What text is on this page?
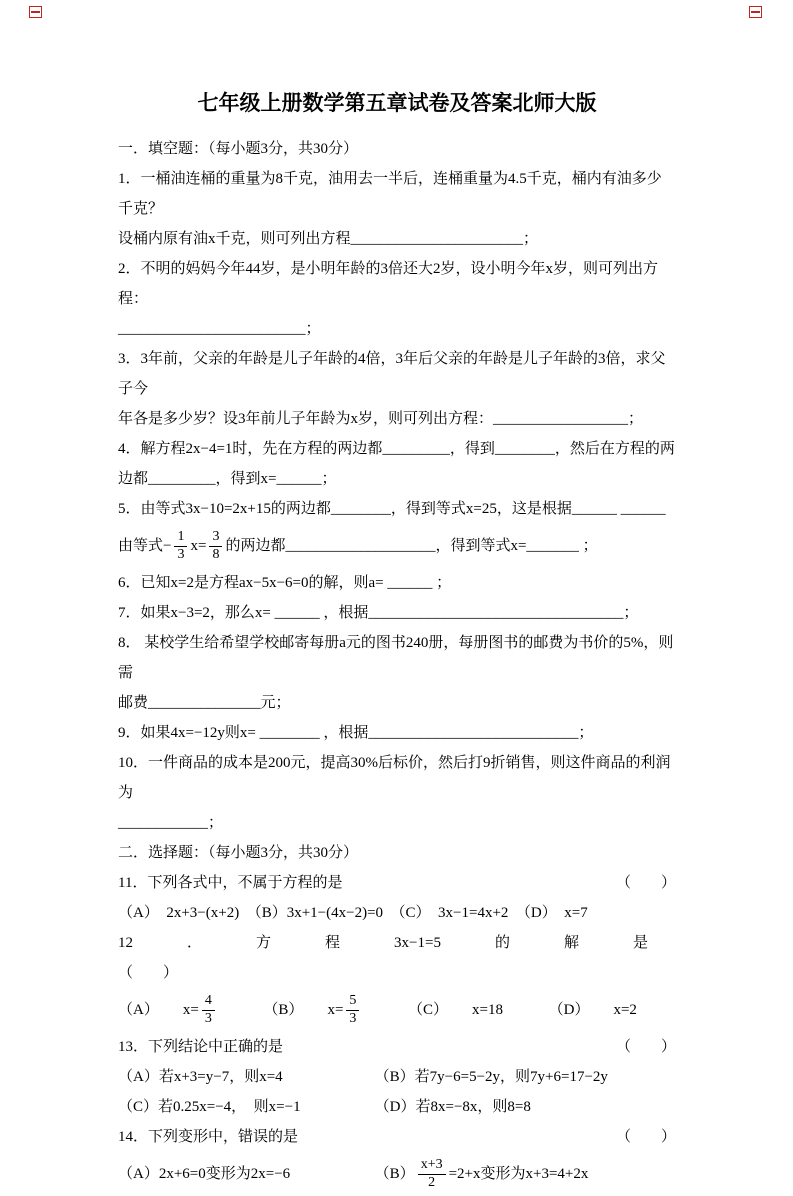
七年级上册数学第五章试卷及答案北师大版

一．填空题：（每小题3分，共30分）

1．一桶油连桶的重量为8千克，油用去一半后，连桶重量为4.5千克，桶内有油多少千克？

设桶内原有油x千克，则可列出方程_______________________；

2．不明的妈妈今年44岁，是小明年龄的3倍还大2岁，设小明今年x岁，则可列出方程：

_________________________；

3．3年前，父亲的年龄是儿子年龄的4倍，3年后父亲的年龄是儿子年龄的3倍，求父子今

年各是多少岁？设3年前儿子年龄为x岁，则可列出方程：__________________；

4．解方程2x−4=1时，先在方程的两边都_________，得到________，然后在方程的两边都_________，得到x=______；

5．由等式3x−10=2x+15的两边都________，得到等式x=25，这是根据______ ______

由等式− $\frac{1}{3} x= \frac{3}{8}$ 的两边都____________________，得到等式x=_______ ；

6．已知x=2是方程ax−5x−6=0的解，则a= ______ ；

7．如果x−3=2，那么x= ______ ，根据__________________________________；

8． 某校学生给希望学校邮寄每册a元的图书240册，每册图书的邮费为书价的5%，则需

邮费_______________元；

9．如果4x=−12y则x= ________ ，根据____________________________；

10．一件商品的成本是200元，提高30%后标价，然后打9折销售，则这件商品的利润为

____________；

二．选择题：（每小题3分，共30分）

11．下列各式中，不属于方程的是	（　　）

（A）　2x+3−(x+2)　（B）3x+1−(4x−2)=0　（C）　3x−1=4x+2　（D）　x=7

12	．	方	程	3x−1=5	的	解	是

（　　）

（A） $x= \frac{4}{3}$	（B） $x= \frac{5}{3}$	（C） x=18	（D） x=2

13．下列结论中正确的是	（　　）

（A）若x+3=y−7，则x=4	（B）若7y−6=5−2y，则7y+6=17−2y

（C）若0.25x=−4，　则x=−1	（D）若8x=−8x，则8=8

14．下列变形中，错误的是	（　　）

（A）2x+6=0变形为2x=−6	$(B) \frac{x+3}{2} =2+x$变形为x+3=4+2x
